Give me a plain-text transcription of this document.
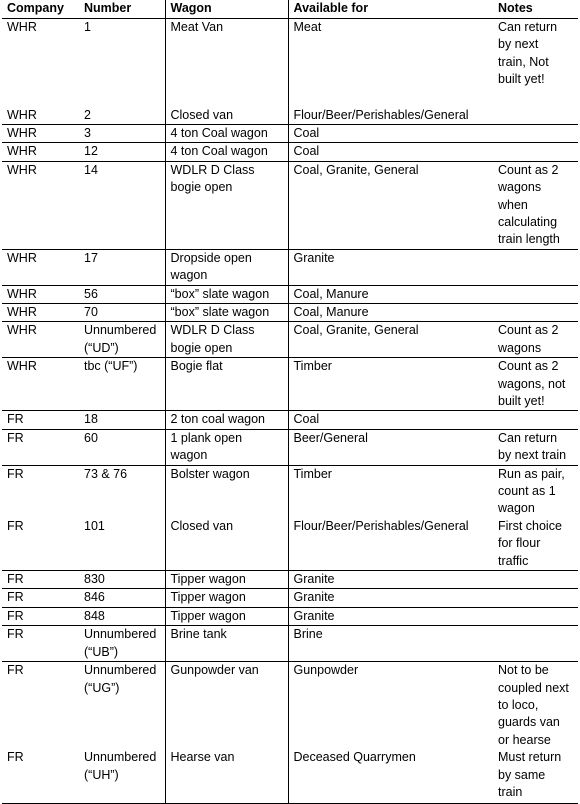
Company	Number	Wagon	Available for	Notes
WHR	1	Meat Van	Meat	Can return
by next
train, Not
built yet!
WHR	2	Closed van	Flour/Beer/Perishables/General	
WHR	3	4 ton Coal wagon	Coal	
WHR	12	4 ton Coal wagon	Coal	
WHR	14	WDLR D Class
bogie open	Coal, Granite, General	Count as 2
wagons
when
calculating
train length
WHR	17	Dropside open
wagon	Granite	
WHR	56	“box” slate wagon	Coal, Manure	
WHR	70	“box” slate wagon	Coal, Manure	
WHR	Unnumbered
(“UD”)	WDLR D Class
bogie open	Coal, Granite, General	Count as 2
wagons
WHR	tbc (“UF”)	Bogie flat	Timber	Count as 2
wagons, not
built yet!
FR	18	2 ton coal wagon	Coal	
FR	60	1 plank open
wagon	Beer/General	Can return
by next train
FR	73 & 76	Bolster wagon	Timber	Run as pair,
count as 1
wagon
FR	101	Closed van	Flour/Beer/Perishables/General	First choice
for flour
traffic
FR	830	Tipper wagon	Granite	
FR	846	Tipper wagon	Granite	
FR	848	Tipper wagon	Granite	
FR	Unnumbered
(“UB”)	Brine tank	Brine	
FR	Unnumbered
(“UG”)	Gunpowder van	Gunpowder	Not to be
coupled next
to loco,
guards van
or hearse
FR	Unnumbered
(“UH”)	Hearse van	Deceased Quarrymen	Must return
by same
train
